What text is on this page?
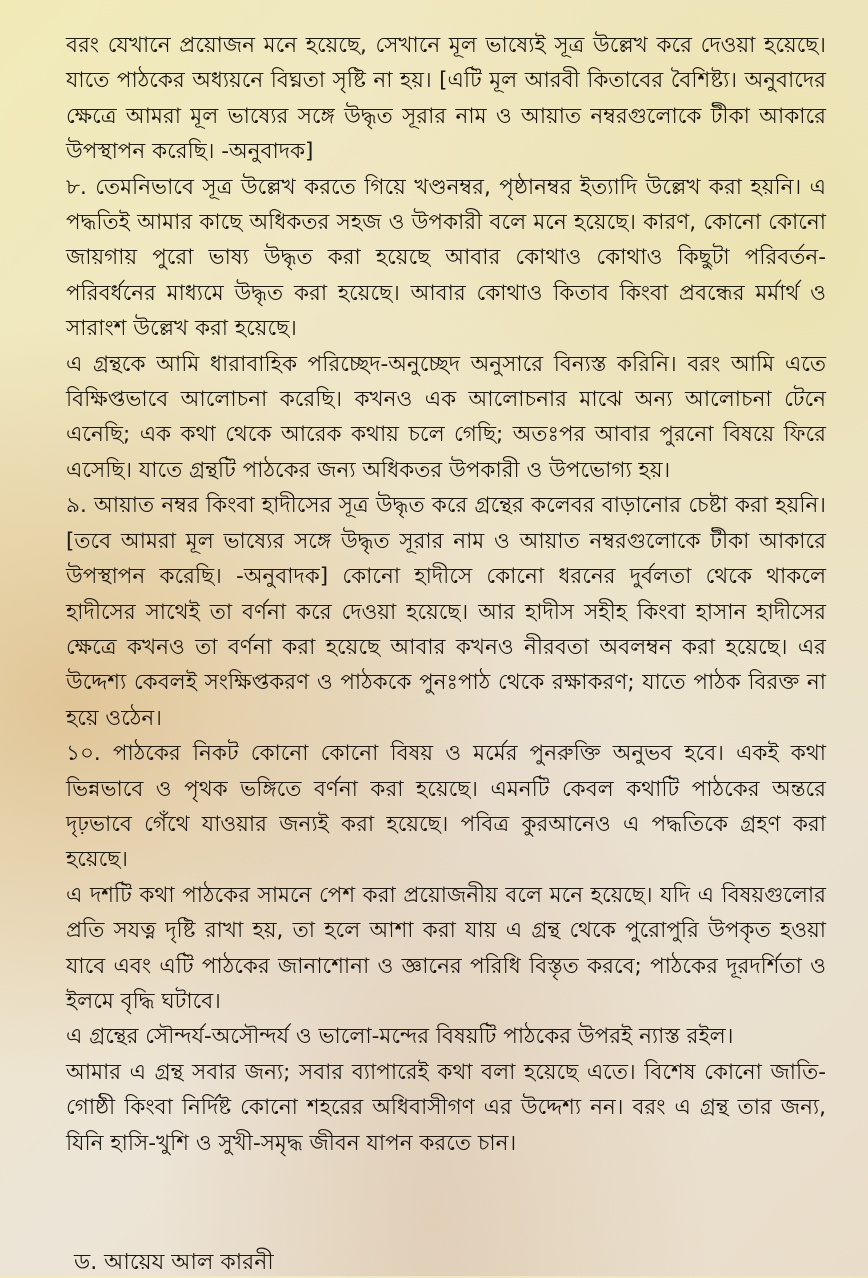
বরং যেখানে প্রয়োজন মনে হয়েছে, সেখানে মূল ভাষ্যেই সূত্র উল্লেখ করে দেওয়া হয়েছে। যাতে পাঠকের অধ্যয়নে বিঘ্নতা সৃষ্টি না হয়। [এটি মূল আরবী কিতাবের বৈশিষ্ট্য। অনুবাদের ক্ষেত্রে আমরা মূল ভাষ্যের সঙ্গে উদ্ধৃত সূরার নাম ও আয়াত নম্বরগুলোকে টীকা আকারে উপস্থাপন করেছি। -অনুবাদক]

৮. তেমনিভাবে সূত্র উল্লেখ করতে গিয়ে খণ্ডনম্বর, পৃষ্ঠানম্বর ইত্যাদি উল্লেখ করা হয়নি। এ পদ্ধতিই আমার কাছে অধিকতর সহজ ও উপকারী বলে মনে হয়েছে। কারণ, কোনো কোনো জায়গায় পুরো ভাষ্য উদ্ধৃত করা হয়েছে আবার কোথাও কোথাও কিছুটা পরিবর্তন-পরিবর্ধনের মাধ্যমে উদ্ধৃত করা হয়েছে। আবার কোথাও কিতাব কিংবা প্রবন্ধের মর্মার্থ ও সারাংশ উল্লেখ করা হয়েছে।

এ গ্রন্থকে আমি ধারাবাহিক পরিচ্ছেদ-অনুচ্ছেদ অনুসারে বিন্যস্ত করিনি। বরং আমি এতে বিক্ষিপ্তভাবে আলোচনা করেছি। কখনও এক আলোচনার মাঝে অন্য আলোচনা টেনে এনেছি; এক কথা থেকে আরেক কথায় চলে গেছি; অতঃপর আবার পুরনো বিষয়ে ফিরে এসেছি। যাতে গ্রন্থটি পাঠকের জন্য অধিকতর উপকারী ও উপভোগ্য হয়।

৯. আয়াত নম্বর কিংবা হাদীসের সূত্র উদ্ধৃত করে গ্রন্থের কলেবর বাড়ানোর চেষ্টা করা হয়নি। [তবে আমরা মূল ভাষ্যের সঙ্গে উদ্ধৃত সূরার নাম ও আয়াত নম্বরগুলোকে টীকা আকারে উপস্থাপন করেছি। -অনুবাদক] কোনো হাদীসে কোনো ধরনের দুর্বলতা থেকে থাকলে হাদীসের সাথেই তা বর্ণনা করে দেওয়া হয়েছে। আর হাদীস সহীহ কিংবা হাসান হাদীসের ক্ষেত্রে কখনও তা বর্ণনা করা হয়েছে আবার কখনও নীরবতা অবলম্বন করা হয়েছে। এর উদ্দেশ্য কেবলই সংক্ষিপ্তকরণ ও পাঠককে পুনঃপাঠ থেকে রক্ষাকরণ; যাতে পাঠক বিরক্ত না হয়ে ওঠেন।

১০. পাঠকের নিকট কোনো কোনো বিষয় ও মর্মের পুনরুক্তি অনুভব হবে। একই কথা ভিন্নভাবে ও পৃথক ভঙ্গিতে বর্ণনা করা হয়েছে। এমনটি কেবল কথাটি পাঠকের অন্তরে দৃঢ়ভাবে গেঁথে যাওয়ার জন্যই করা হয়েছে। পবিত্র কুরআনেও এ পদ্ধতিকে গ্রহণ করা হয়েছে।

এ দশটি কথা পাঠকের সামনে পেশ করা প্রয়োজনীয় বলে মনে হয়েছে। যদি এ বিষয়গুলোর প্রতি সযত্ন দৃষ্টি রাখা হয়, তা হলে আশা করা যায় এ গ্রন্থ থেকে পুরোপুরি উপকৃত হওয়া যাবে এবং এটি পাঠকের জানাশোনা ও জ্ঞানের পরিধি বিস্তৃত করবে; পাঠকের দূরদর্শিতা ও ইলমে বৃদ্ধি ঘটাবে।

এ গ্রন্থের সৌন্দর্য-অসৌন্দর্য ও ভালো-মন্দের বিষয়টি পাঠকের উপরই ন্যাস্ত রইল।

আমার এ গ্রন্থ সবার জন্য; সবার ব্যাপারেই কথা বলা হয়েছে এতে। বিশেষ কোনো জাতি-গোষ্ঠী কিংবা নির্দিষ্ট কোনো শহরের অধিবাসীগণ এর উদ্দেশ্য নন। বরং এ গ্রন্থ তার জন্য, যিনি হাসি-খুশি ও সুখী-সমৃদ্ধ জীবন যাপন করতে চান।

ড. আয়েয আল কারনী
